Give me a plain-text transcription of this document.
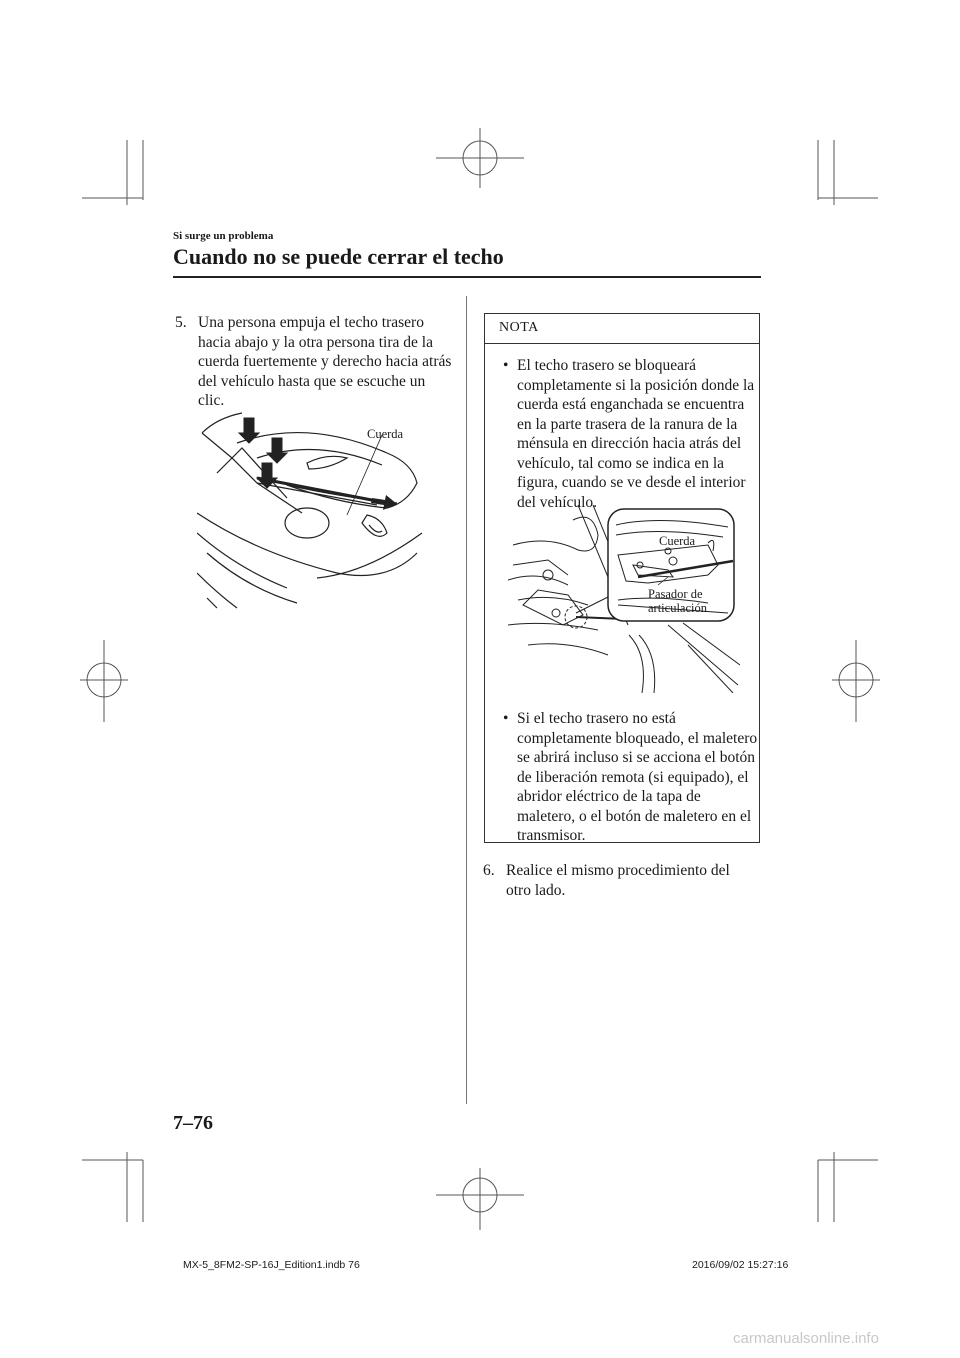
Si surge un problema
Cuando no se puede cerrar el techo
5. Una persona empuja el techo trasero hacia abajo y la otra persona tira de la cuerda fuertemente y derecho hacia atrás del vehículo hasta que se escuche un clic.
Cuerda
NOTA
• El techo trasero se bloqueará completamente si la posición donde la cuerda está enganchada se encuentra en la parte trasera de la ranura de la ménsula en dirección hacia atrás del vehículo, tal como se indica en la figura, cuando se ve desde el interior del vehículo.
• Si el techo trasero no está completamente bloqueado, el maletero se abrirá incluso si se acciona el botón de liberación remota (si equipado), el abridor eléctrico de la tapa de maletero, o el botón de maletero en el transmisor.
Cuerda
Pasador de
articulación
6. Realice el mismo procedimiento del otro lado.
7–76
MX-5_8FM2-SP-16J_Edition1.indb 76	2016/09/02 15:27:16
carmanualsonline.info
